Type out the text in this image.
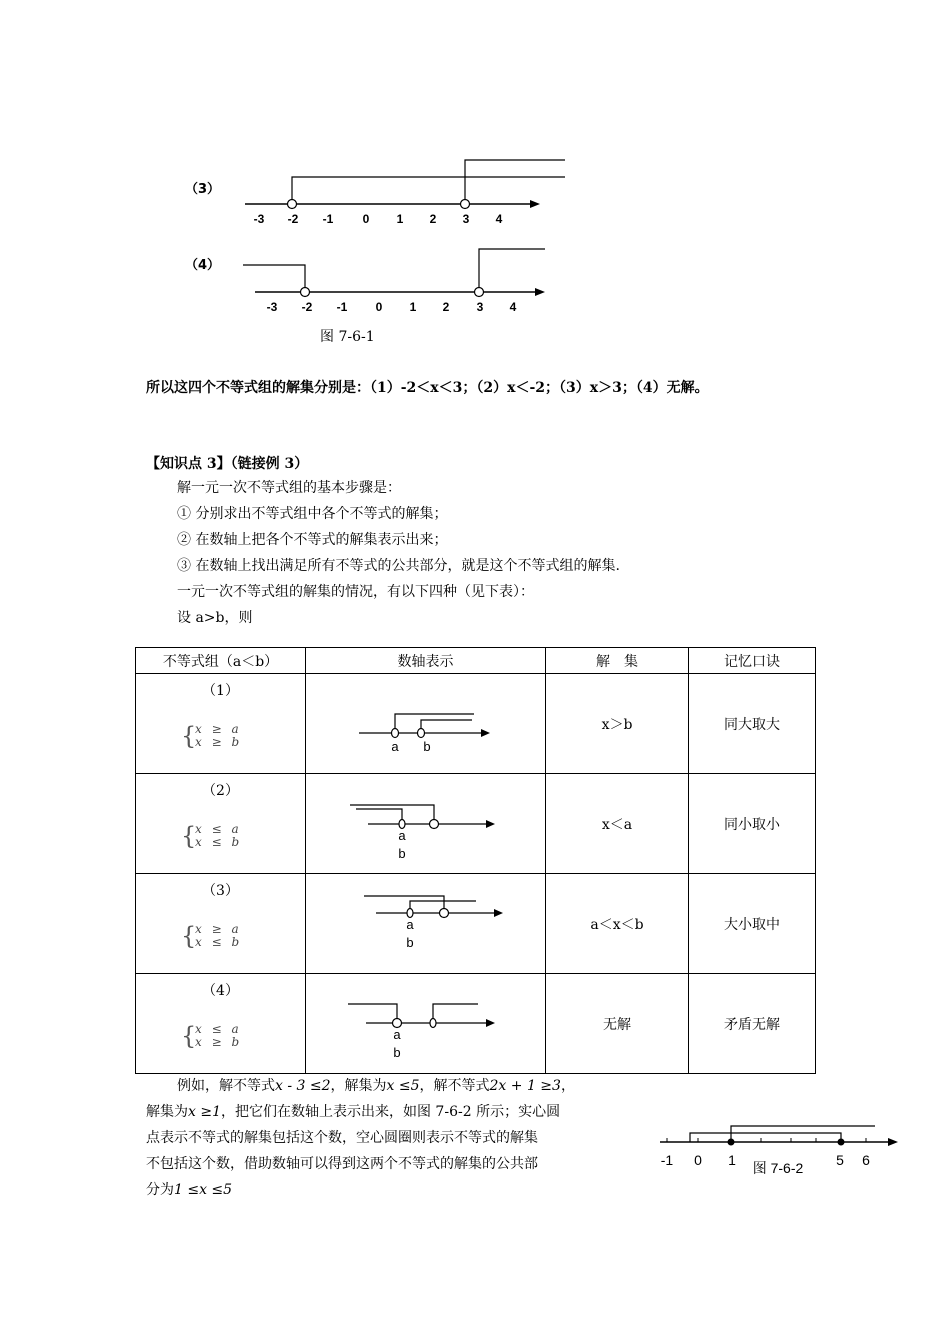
（3）
-3 -2 -1 0 1 2 3 4
（4）
-3 -2 -1 0 1 2 3 4
图 7-6-1
所以这四个不等式组的解集分别是：（1）-2＜x＜3；（2）x＜-2；（3）x＞3；（4）无解。
【知识点 3】（链接例 3）
解一元一次不等式组的基本步骤是：
① 分别求出不等式组中各个不等式的解集；
② 在数轴上把各个不等式的解集表示出来；
③ 在数轴上找出满足所有不等式的公共部分，就是这个不等式组的解集.
一元一次不等式组的解集的情况，有以下四种（见下表）：
设 a>b，则
不等式组（a＜b）	数轴表示	解　集	记忆口诀

（1）
{
x ≥ a
x ≥ b	a b	x＞b	同大取大

（2）
{
x ≤ a
x ≤ b	a
b	x＜a	同小取小

（3）
{
x ≥ a
x ≤ b	a
b	a＜x＜b	大小取中

（4）
{
x ≤ a
x ≥ b	a
b	无解	矛盾无解
例如，解不等式x - 3 ≤2，解集为x ≤5，解不等式2x + 1 ≥3，
解集为x ≥1，把它们在数轴上表示出来，如图 7-6-2 所示；实心圆
点表示不等式的解集包括这个数，空心圆圈则表示不等式的解集
不包括这个数，借助数轴可以得到这两个不等式的解集的公共部
分为1 ≤x ≤5
-1 0 1	5 6
图 7-6-2
